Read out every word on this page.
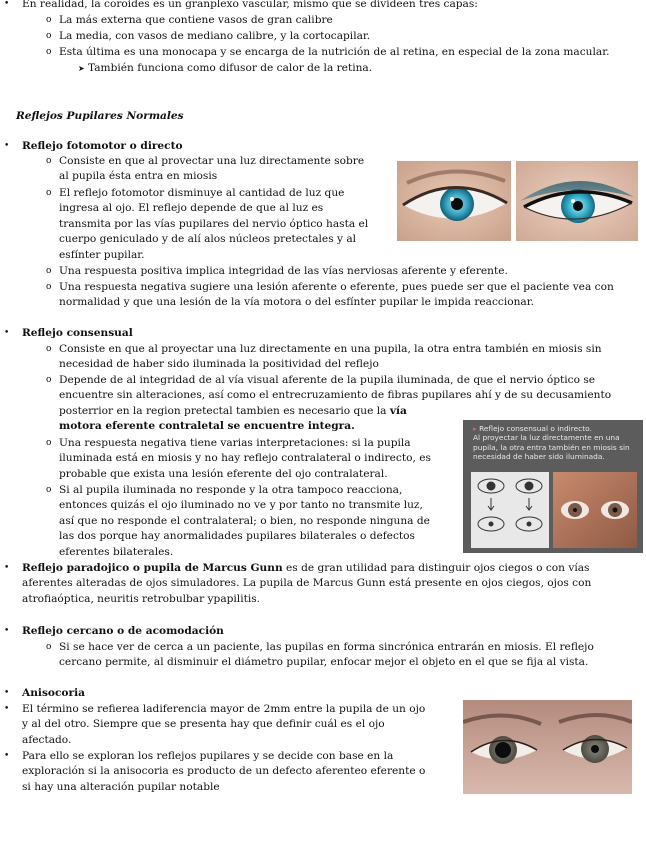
•	En realidad, la coroides es un granplexo vascular, mismo que se divideen tres capas:
o La más externa que contiene vasos de gran calibre
o La media, con vasos de mediano calibre, y la cortocapilar.
o Esta última es una monocapa y se encarga de la nutrición de al retina, en especial de la zona macular.
➤ También funciona como difusor de calor de la retina.
Reflejos Pupilares Normales
•	Reflejo fotomotor o directo
o Consiste en que al provectar una luz directamente sobre
al pupila ésta entra en miosis
o El reflejo fotomotor disminuye al cantidad de luz que
ingresa al ojo. El reflejo depende de que al luz es
transmita por las vías pupilares del nervio óptico hasta el
cuerpo geniculado y de alí alos núcleos pretectales y al
esfínter pupilar.
o Una respuesta positiva implica integridad de las vías nerviosas aferente y eferente.
o Una respuesta negativa sugiere una lesión aferente o eferente, pues puede ser que el paciente vea con
normalidad y que una lesión de la vía motora o del esfínter pupilar le impida reaccionar.
•	Reflejo consensual
o Consiste en que al proyectar una luz directamente en una pupila, la otra entra también en miosis sin
necesidad de haber sido iluminada la positividad del reflejo
o Depende de al integridad de al vía visual aferente de la pupila iluminada, de que el nervio óptico se
encuentre sin alteraciones, así como el entrecruzamiento de fibras pupilares ahí y de su decusamiento
posterrior en la region pretectal tambien es necesario que la vía
motora eferente contraletal se encuentre integra.
o Una respuesta negativa tiene varias interpretaciones: si la pupila
iluminada está en miosis y no hay reflejo contralateral o indirecto, es
probable que exista una lesión eferente del ojo contralateral.
o Si al pupila iluminada no responde y la otra tampoco reacciona,
entonces quizás el ojo iluminado no ve y por tanto no transmite luz,
así que no responde el contralateral; o bien, no responde ninguna de
las dos porque hay anormalidades pupilares bilaterales o defectos
eferentes bilaterales.
▸ Reflejo consensual o indirecto.
Al proyectar la luz directamente en una pupila, la otra entra también en miosis sin necesidad de haber sido iluminada.
•	Reflejo paradojico o pupila de Marcus Gunn es de gran utilidad para distinguir ojos ciegos o con vías
aferentes alteradas de ojos simuladores. La pupila de Marcus Gunn está presente en ojos ciegos, ojos con
atrofiaóptica, neuritis retrobulbar ypapilitis.
•	Reflejo cercano o de acomodación
o Si se hace ver de cerca a un paciente, las pupilas en forma sincrónica entrarán en miosis. El reflejo
cercano permite, al disminuir el diámetro pupilar, enfocar mejor el objeto en el que se fija al vista.
•	Anisocoria
•	El término se refierea ladiferencia mayor de 2mm entre la pupila de un ojo
y al del otro. Siempre que se presenta hay que definir cuál es el ojo
afectado.
•	Para ello se exploran los reflejos pupilares y se decide con base en la
exploración si la anisocoria es producto de un defecto aferenteo eferente o
si hay una alteración pupilar notable
